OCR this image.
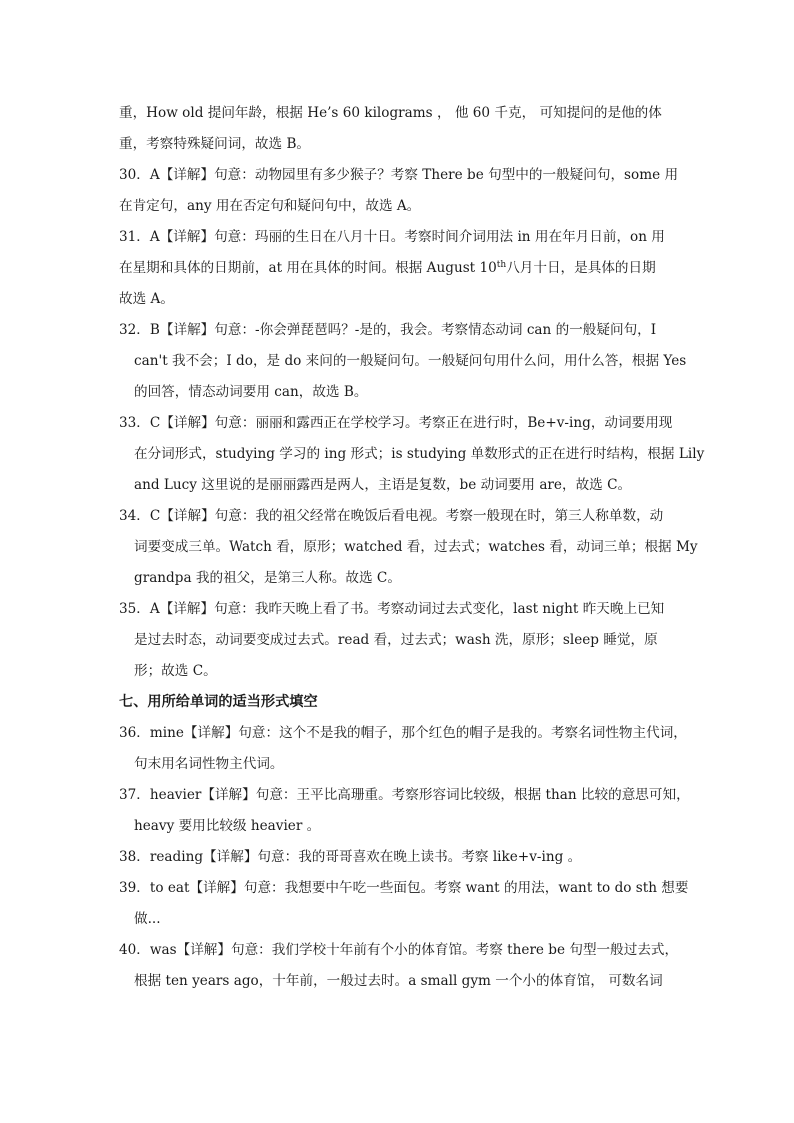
重，How old 提问年龄，根据 He’s 60 kilograms ， 他 60 千克， 可知提问的是他的体
重，考察特殊疑问词，故选 B。
30．A【详解】句意：动物园里有多少猴子？考察 There be 句型中的一般疑问句，some 用
在肯定句，any 用在否定句和疑问句中，故选 A。
31．A【详解】句意：玛丽的生日在八月十日。考察时间介词用法 in 用在年月日前，on 用
在星期和具体的日期前，at 用在具体的时间。根据 August 10th八月十日，是具体的日期
故选 A。
32．B【详解】句意：-你会弹琵琶吗？-是的，我会。考察情态动词 can 的一般疑问句，I
can't 我不会；I do，是 do 来问的一般疑问句。一般疑问句用什么问，用什么答，根据 Yes
的回答，情态动词要用 can，故选 B。
33．C【详解】句意：丽丽和露西正在学校学习。考察正在进行时，Be+v-ing，动词要用现
在分词形式，studying 学习的 ing 形式；is studying 单数形式的正在进行时结构，根据 Lily
and Lucy 这里说的是丽丽露西是两人，主语是复数，be 动词要用 are，故选 C。
34．C【详解】句意：我的祖父经常在晚饭后看电视。考察一般现在时，第三人称单数，动
词要变成三单。Watch 看，原形；watched 看，过去式；watches 看，动词三单；根据 My
grandpa 我的祖父，是第三人称。故选 C。
35．A【详解】句意：我昨天晚上看了书。考察动词过去式变化，last night 昨天晚上已知
是过去时态，动词要变成过去式。read 看，过去式；wash 洗，原形；sleep 睡觉，原
形；故选 C。
七、用所给单词的适当形式填空
36．mine【详解】句意：这个不是我的帽子，那个红色的帽子是我的。考察名词性物主代词，
句末用名词性物主代词。
37．heavier【详解】句意：王平比高珊重。考察形容词比较级，根据 than 比较的意思可知，
heavy 要用比较级 heavier 。
38．reading【详解】句意：我的哥哥喜欢在晚上读书。考察 like+v-ing 。
39．to eat【详解】句意：我想要中午吃一些面包。考察 want 的用法，want to do sth 想要
做...
40．was【详解】句意：我们学校十年前有个小的体育馆。考察 there be 句型一般过去式，
根据 ten years ago，十年前，一般过去时。a small gym 一个小的体育馆， 可数名词
